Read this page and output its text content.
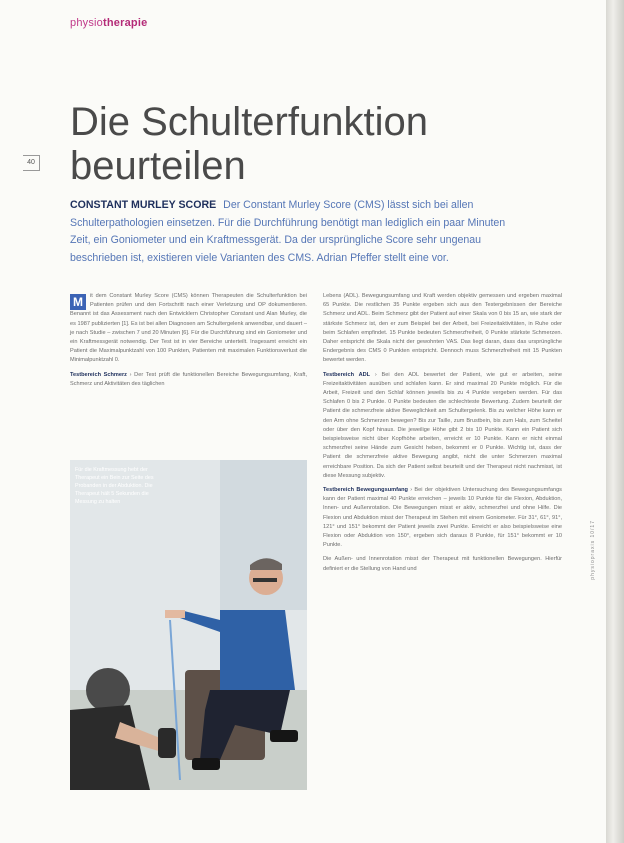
physiotherapie
40
Die Schulterfunktion
beurteilen
CONSTANT MURLEY SCORE Der Constant Murley Score (CMS) lässt sich bei allen Schulterpathologien einsetzen. Für die Durchführung benötigt man lediglich ein paar Minuten Zeit, ein Goniometer und ein Kraftmessgerät. Da der ursprüngliche Score sehr ungenau beschrieben ist, existieren viele Varianten des CMS. Adrian Pfeffer stellt eine vor.

M	it dem Constant Murley Score (CMS) können Therapeuten die Schulterfunktion bei Patienten prüfen und den Fortschritt nach einer Verletzung und OP dokumentieren. Benannt ist das Assessment nach den Entwicklern Christopher Constant und Alan Murley, die es 1987 publizierten [1]. Es ist bei allen Diagnosen am Schultergelenk anwendbar, und dauert – je nach Studie – zwischen 7 und 20 Minuten [6]. Für die Durchführung sind ein Goniometer und ein Kraftmessgerät notwendig. Der Test ist in vier Bereiche unterteilt. Insgesamt erreicht ein Patient die Maximalpunktzahl von 100 Punkten, Patienten mit maximalen Funktionsverlust die Minimalpunktzahl 0.

Testbereich Schmerz › Der Test prüft die funktionellen Bereiche Bewegungsumfang, Kraft, Schmerz und Aktivitäten des täglichen

Lebens (ADL). Bewegungsumfang und Kraft werden objektiv gemessen und ergeben maximal 65 Punkte. Die restlichen 35 Punkte ergeben sich aus den Testergebnissen der Bereiche Schmerz und ADL. Beim Schmerz gibt der Patient auf einer Skala von 0 bis 15 an, wie stark der stärkste Schmerz ist, den er zum Beispiel bei der Arbeit, bei Freizeitaktivitäten, in Ruhe oder beim Schlafen empfindet. 15 Punkte bedeuten Schmerzfreiheit, 0 Punkte stärkste Schmerzen. Daher entspricht die Skala nicht der gewohnten VAS. Das liegt daran, dass das ursprüngliche Endergebnis des CMS 0 Punkten entspricht. Dennoch muss Schmerzfreiheit mit 15 Punkten bewertet werden.

Testbereich ADL › Bei den ADL bewertet der Patient, wie gut er arbeiten, seine Freizeitaktivitäten ausüben und schlafen kann. Er sind maximal 20 Punkte möglich. Für die Arbeit, Freizeit und den Schlaf können jeweils bis zu 4 Punkte vergeben werden. Für das Schlafen 0 bis 2 Punkte. 0 Punkte bedeuten die schlechteste Bewertung. Zudem beurteilt der Patient die schmerzfreie aktive Beweglichkeit am Schultergelenk. Bis zu welcher Höhe kann er den Arm ohne Schmerzen bewegen? Bis zur Taille, zum Brustbein, bis zum Hals, zum Scheitel oder über den Kopf hinaus. Die jeweilige Höhe gibt 2 bis 10 Punkte. Kann ein Patient sich beispielsweise nicht über Kopfhöhe arbeiten, erreicht er 10 Punkte. Kann er nicht einmal schmerzfrei seine Hände zum Gesicht heben, bekommt er 0 Punkte. Wichtig ist, dass der Patient die schmerzfreie aktive Bewegung angibt, nicht die unter Schmerzen maximal erreichbare Position. Da sich der Patient selbst beurteilt und der Therapeut nicht nachmisst, ist diese Messung subjektiv.

Testbereich Bewegungsumfang › Bei der objektiven Untersuchung des Bewegungsumfangs kann der Patient maximal 40 Punkte erreichen – jeweils 10 Punkte für die Flexion, Abduktion, Innen- und Außenrotation. Die Bewegungen misst er aktiv, schmerzfrei und ohne Hilfe. Die Flexion und Abduktion misst der Therapeut im Stehen mit einem Goniometer. Für 31°, 61°, 91°, 121° und 151° bekommt der Patient jeweils zwei Punkte. Erreicht er also beispielsweise eine Flexion oder Abduktion von 150°, ergeben sich daraus 8 Punkte, für 151° bekommt er 10 Punkte.

Die Außen- und Innenrotation misst der Therapeut mit funktionellen Bewegungen. Hierfür definiert er die Stellung von Hand und

Für die Kraftmessung hebt der Therapeut ein Bein zur Seite des Probanden in der Abduktion. Die Therapeut hält 5 Sekunden die Messung zu halten
physiopraxis 10/17
